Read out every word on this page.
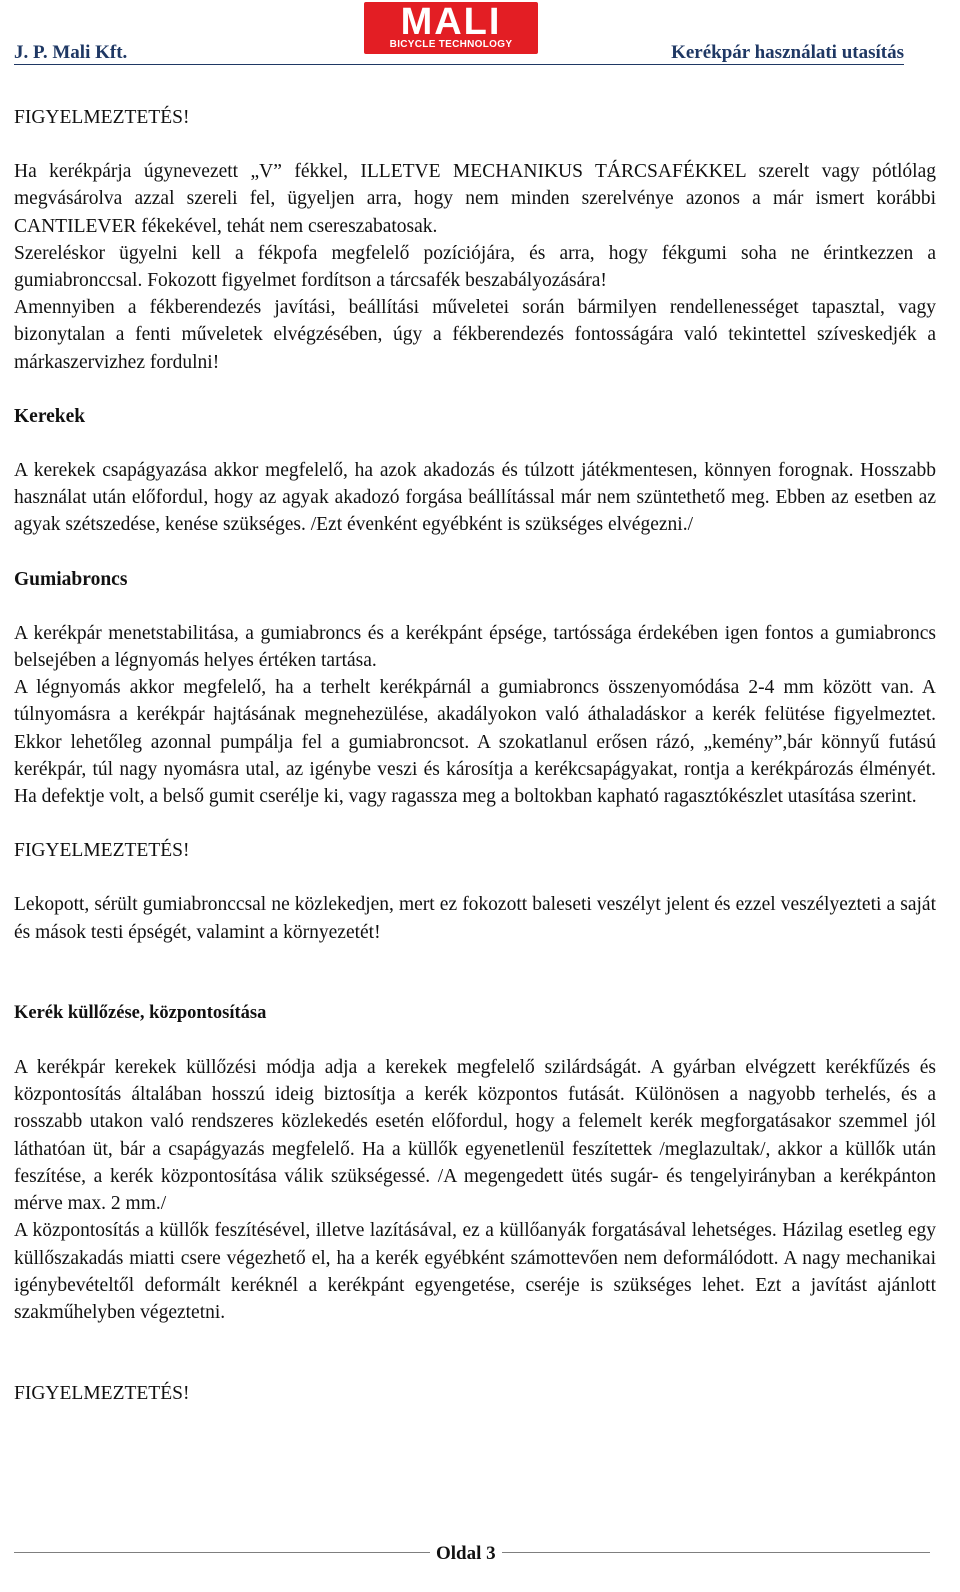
J. P. Mali Kft.
MALI
BICYCLE TECHNOLOGY	Kerékpár használati utasítás

FIGYELMEZTETÉS!

Ha kerékpárja úgynevezett „V” fékkel, ILLETVE MECHANIKUS TÁRCSAFÉKKEL szerelt vagy pótlólag megvásárolva azzal szereli fel, ügyeljen arra, hogy nem minden szerelvénye azonos a már ismert korábbi CANTILEVER fékekével, tehát nem csereszabatosak.

Szereléskor ügyelni kell a fékpofa megfelelő pozíciójára, és arra, hogy fékgumi soha ne érintkezzen a gumiabronccsal. Fokozott figyelmet fordítson a tárcsafék beszabályozására!

Amennyiben a fékberendezés javítási, beállítási műveletei során bármilyen rendellenességet tapasztal, vagy bizonytalan a fenti műveletek elvégzésében, úgy a fékberendezés fontosságára való tekintettel szíveskedjék a márkaszervizhez fordulni!

Kerekek

A kerekek csapágyazása akkor megfelelő, ha azok akadozás és túlzott játékmentesen, könnyen forognak. Hosszabb használat után előfordul, hogy az agyak akadozó forgása beállítással már nem szüntethető meg. Ebben az esetben az agyak szétszedése, kenése szükséges. /Ezt évenként egyébként is szükséges elvégezni./

Gumiabroncs

A kerékpár menetstabilitása, a gumiabroncs és a kerékpánt épsége, tartóssága érdekében igen fontos a gumiabroncs belsejében a légnyomás helyes értéken tartása.

A légnyomás akkor megfelelő, ha a terhelt kerékpárnál a gumiabroncs összenyomódása 2-4 mm között van. A túlnyomásra a kerékpár hajtásának megnehezülése, akadályokon való áthaladáskor a kerék felütése figyelmeztet. Ekkor lehetőleg azonnal pumpálja fel a gumiabroncsot. A szokatlanul erősen rázó, „kemény”,bár könnyű futású kerékpár, túl nagy nyomásra utal, az igénybe veszi és károsítja a kerékcsapágyakat, rontja a kerékpározás élményét. Ha defektje volt, a belső gumit cserélje ki, vagy ragassza meg a boltokban kapható ragasztókészlet utasítása szerint.

FIGYELMEZTETÉS!

Lekopott, sérült gumiabronccsal ne közlekedjen, mert ez fokozott baleseti veszélyt jelent és ezzel veszélyezteti a saját és mások testi épségét, valamint a környezetét!

Kerék küllőzése, központosítása

A kerékpár kerekek küllőzési módja adja a kerekek megfelelő szilárdságát. A gyárban elvégzett kerékfűzés és központosítás általában hosszú ideig biztosítja a kerék központos futását. Különösen a nagyobb terhelés, és a rosszabb utakon való rendszeres közlekedés esetén előfordul, hogy a felemelt kerék megforgatásakor szemmel jól láthatóan üt, bár a csapágyazás megfelelő. Ha a küllők egyenetlenül feszítettek /meglazultak/, akkor a küllők után feszítése, a kerék központosítása válik szükségessé. /A megengedett ütés sugár- és tengelyirányban a kerékpánton mérve max. 2 mm./

A központosítás a küllők feszítésével, illetve lazításával, ez a küllőanyák forgatásával lehetséges. Házilag esetleg egy küllőszakadás miatti csere végezhető el, ha a kerék egyébként számottevően nem deformálódott. A nagy mechanikai igénybevételtől deformált keréknél a kerékpánt egyengetése, cseréje is szükséges lehet. Ezt a javítást ajánlott szakműhelyben végeztetni.

FIGYELMEZTETÉS!

Oldal 3
